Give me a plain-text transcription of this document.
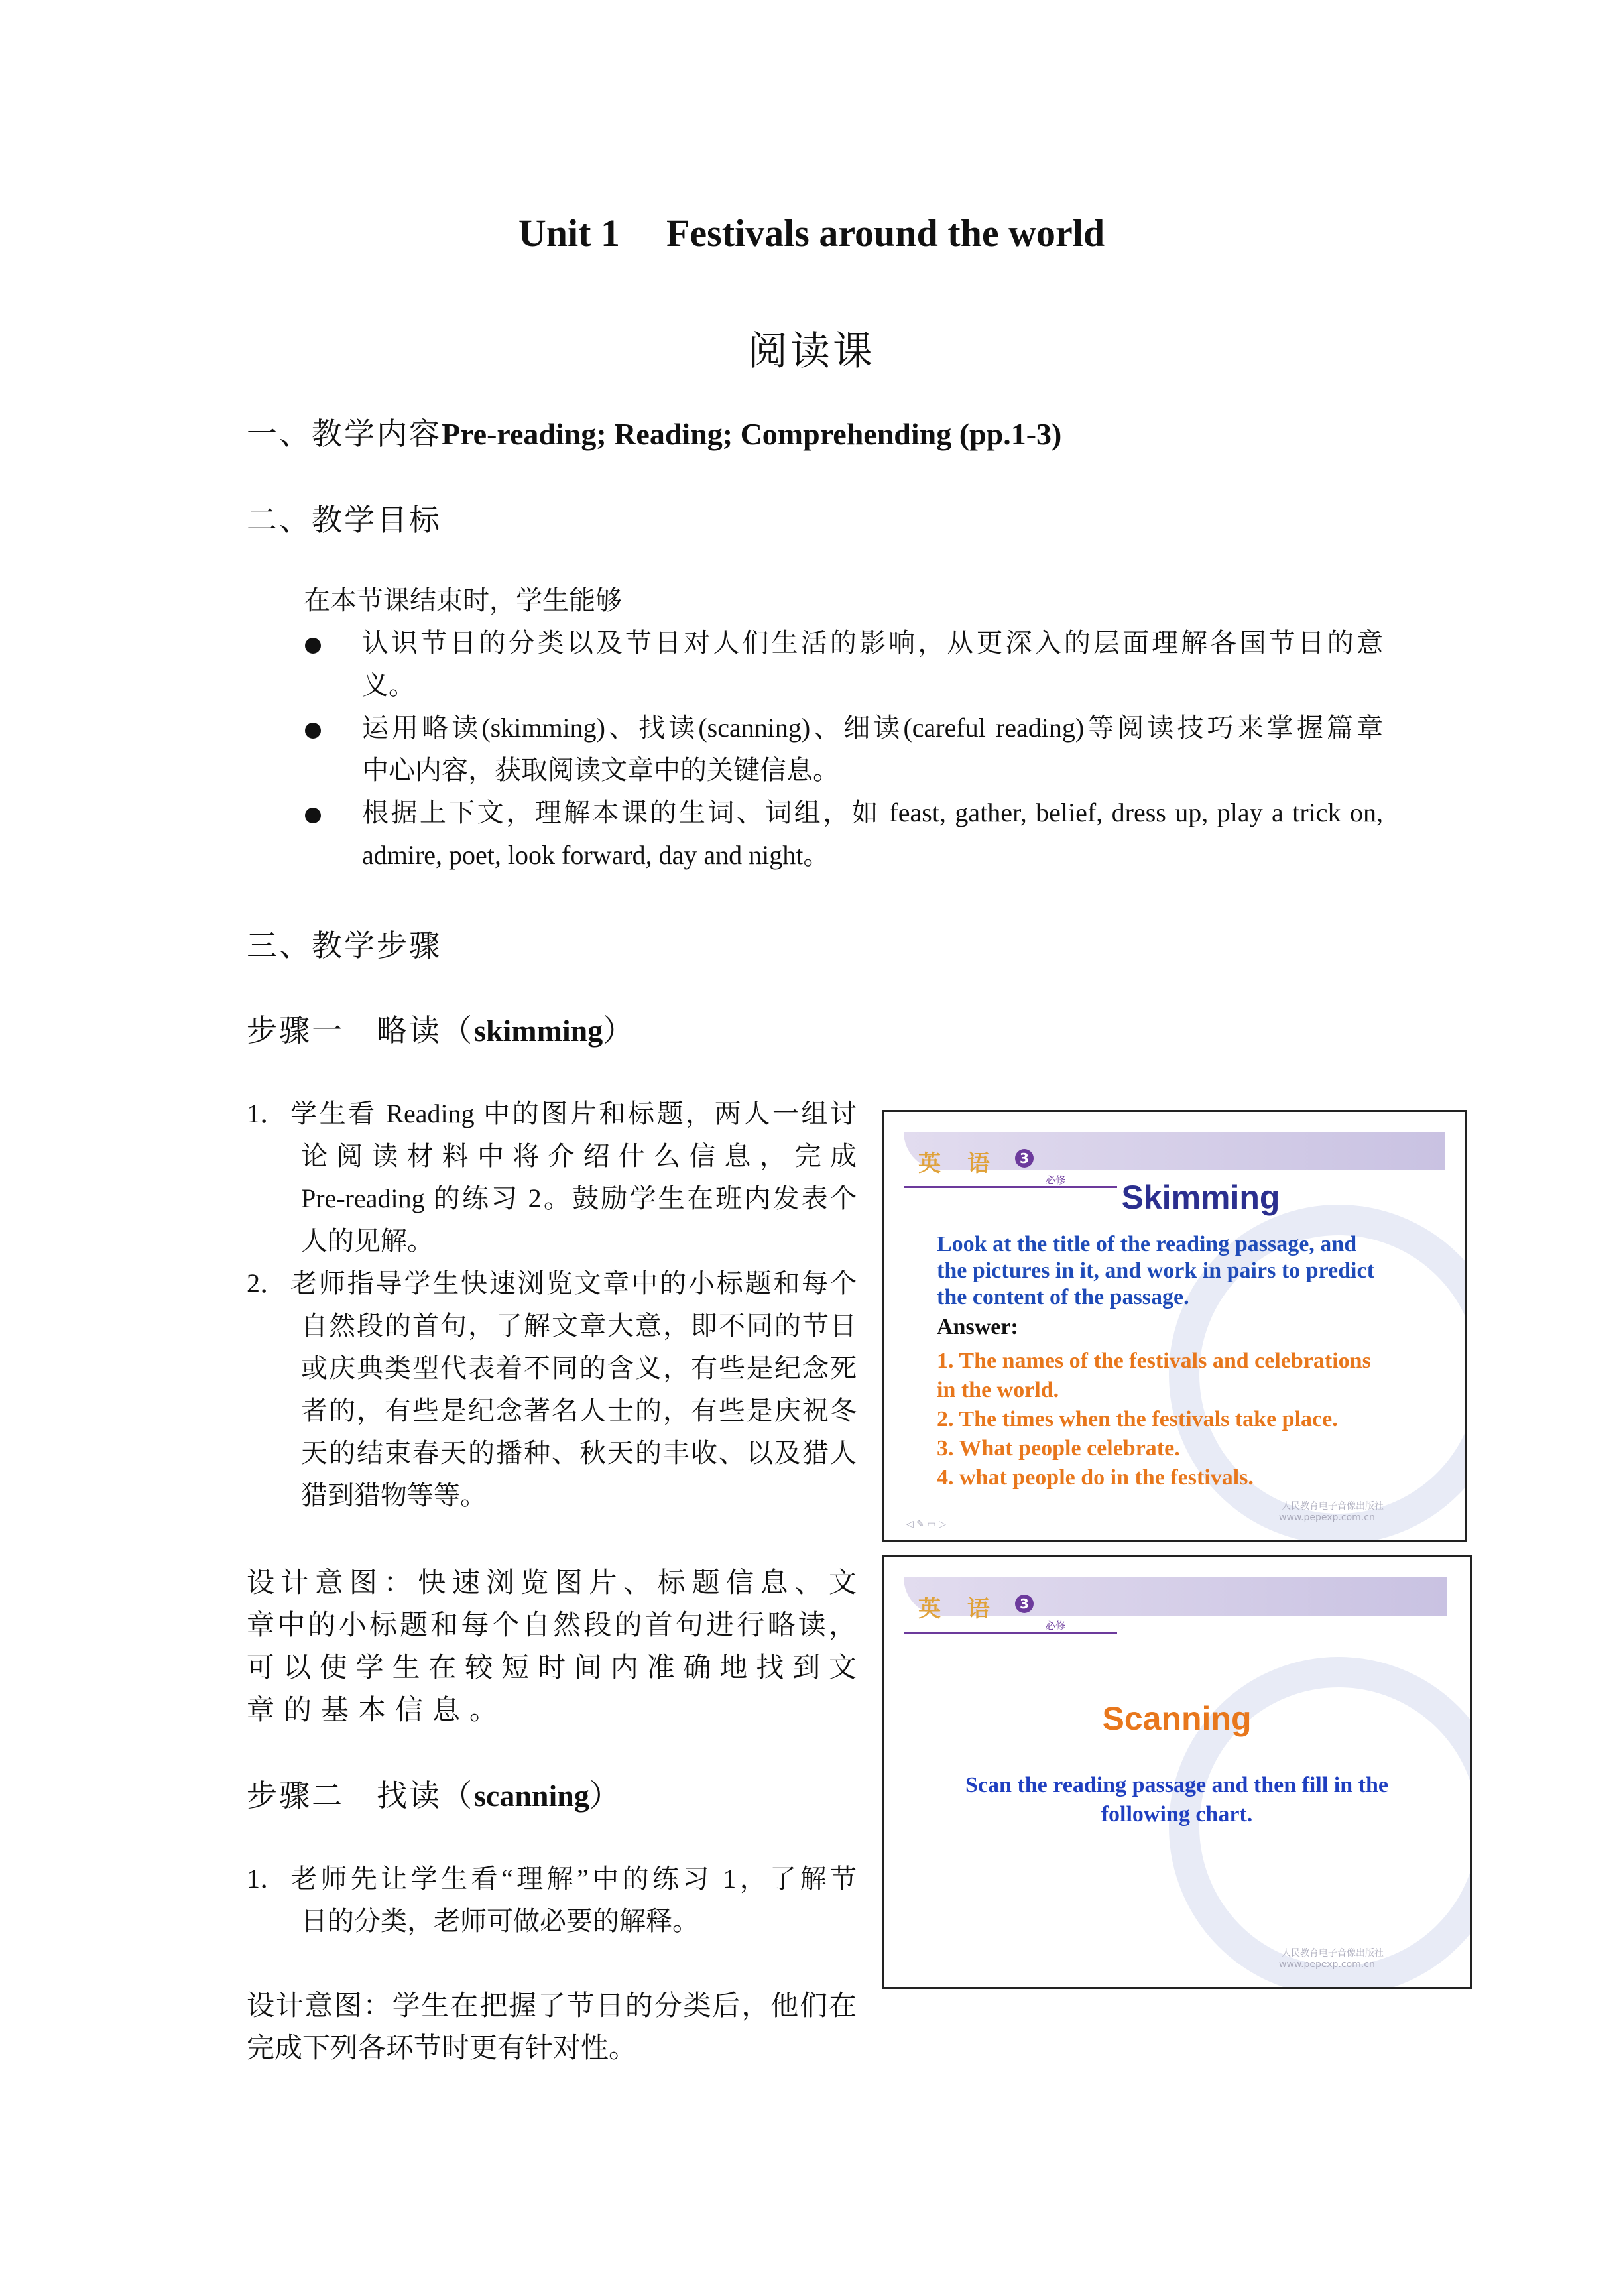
Unit 1 Festivals around the world
阅读课
一、教学内容Pre-reading; Reading; Comprehending (pp.1-3)
二、教学目标
在本节课结束时，学生能够
认识节日的分类以及节日对人们生活的影响，从更深入的层面理解各国节日的意
义。
运用略读(skimming)、找读(scanning)、细读(careful reading)等阅读技巧来掌握篇章
中心内容，获取阅读文章中的关键信息。
根据上下文，理解本课的生词、词组，如 feast, gather, belief, dress up, play a trick on,
admire, poet, look forward, day and night。
三、教学步骤
步骤一　略读（skimming）
1． 学生看 Reading 中的图片和标题，两人一组讨
论阅读材料中将介绍什么信息，完成
Pre-reading 的练习 2。鼓励学生在班内发表个
人的见解。
2． 老师指导学生快速浏览文章中的小标题和每个
自然段的首句，了解文章大意，即不同的节日
或庆典类型代表着不同的含义，有些是纪念死
者的，有些是纪念著名人士的，有些是庆祝冬
天的结束春天的播种、秋天的丰收、以及猎人
猎到猎物等等。
设计意图：快速浏览图片、标题信息、文
章中的小标题和每个自然段的首句进行略读，
可以使学生在较短时间内准确地找到文
章的基本信息。
步骤二　找读（scanning）
1． 老师先让学生看“理解”中的练习 1，了解节
日的分类，老师可做必要的解释。
设计意图：学生在把握了节日的分类后，他们在
完成下列各环节时更有针对性。
英 语	3
必修	Skimming
Look at the title of the reading passage, and
the pictures in it, and work in pairs to predict
the content of the passage.
Answer:
1. The names of the festivals and celebrations
in the world.
2. The times when the festivals take place.
3. What people celebrate.
4. what people do in the festivals.
人民教育电子音像出版社
www.pepexp.com.cn
◁ ✎ ▭ ▷
英 语	3
必修
Scanning
Scan the reading passage and then fill in the
following chart.
人民教育电子音像出版社
www.pepexp.com.cn
